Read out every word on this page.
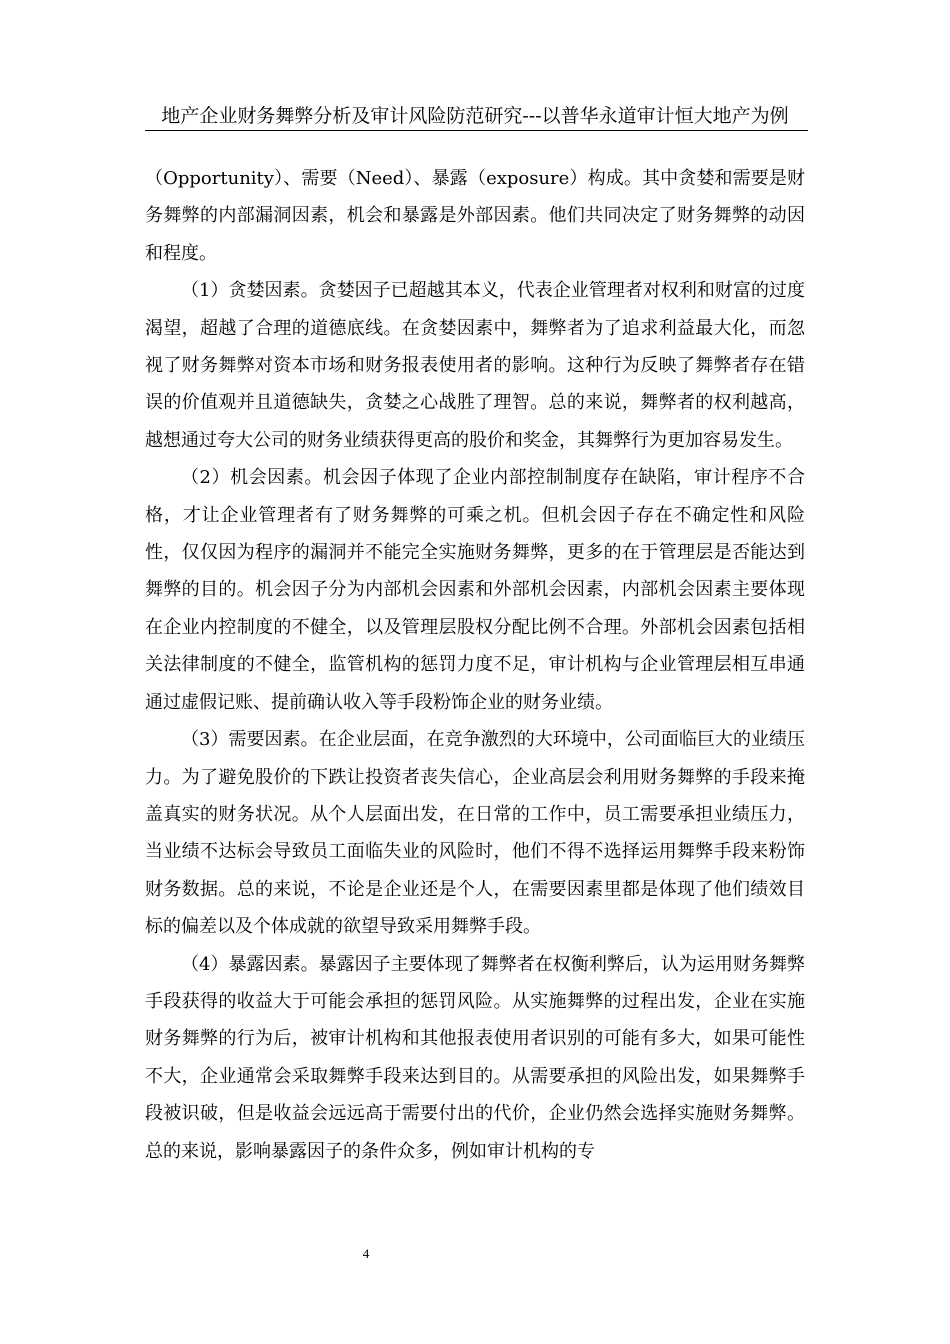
地产企业财务舞弊分析及审计风险防范研究---以普华永道审计恒大地产为例

（Opportunity）、需要（Need）、暴露（exposure）构成。其中贪婪和需要是财务舞弊的内部漏洞因素，机会和暴露是外部因素。他们共同决定了财务舞弊的动因和程度。

（1）贪婪因素。贪婪因子已超越其本义，代表企业管理者对权利和财富的过度渴望，超越了合理的道德底线。在贪婪因素中，舞弊者为了追求利益最大化，而忽视了财务舞弊对资本市场和财务报表使用者的影响。这种行为反映了舞弊者存在错误的价值观并且道德缺失，贪婪之心战胜了理智。总的来说，舞弊者的权利越高，越想通过夸大公司的财务业绩获得更高的股价和奖金，其舞弊行为更加容易发生。

（2）机会因素。机会因子体现了企业内部控制制度存在缺陷，审计程序不合格，才让企业管理者有了财务舞弊的可乘之机。但机会因子存在不确定性和风险性，仅仅因为程序的漏洞并不能完全实施财务舞弊，更多的在于管理层是否能达到舞弊的目的。机会因子分为内部机会因素和外部机会因素，内部机会因素主要体现在企业内控制度的不健全，以及管理层股权分配比例不合理。外部机会因素包括相关法律制度的不健全，监管机构的惩罚力度不足，审计机构与企业管理层相互串通通过虚假记账、提前确认收入等手段粉饰企业的财务业绩。

（3）需要因素。在企业层面，在竞争激烈的大环境中，公司面临巨大的业绩压力。为了避免股价的下跌让投资者丧失信心，企业高层会利用财务舞弊的手段来掩盖真实的财务状况。从个人层面出发，在日常的工作中，员工需要承担业绩压力，当业绩不达标会导致员工面临失业的风险时，他们不得不选择运用舞弊手段来粉饰财务数据。总的来说，不论是企业还是个人，在需要因素里都是体现了他们绩效目标的偏差以及个体成就的欲望导致采用舞弊手段。

（4）暴露因素。暴露因子主要体现了舞弊者在权衡利弊后，认为运用财务舞弊手段获得的收益大于可能会承担的惩罚风险。从实施舞弊的过程出发，企业在实施财务舞弊的行为后，被审计机构和其他报表使用者识别的可能有多大，如果可能性不大，企业通常会采取舞弊手段来达到目的。从需要承担的风险出发，如果舞弊手段被识破，但是收益会远远高于需要付出的代价，企业仍然会选择实施财务舞弊。总的来说，影响暴露因子的条件众多，例如审计机构的专

4
